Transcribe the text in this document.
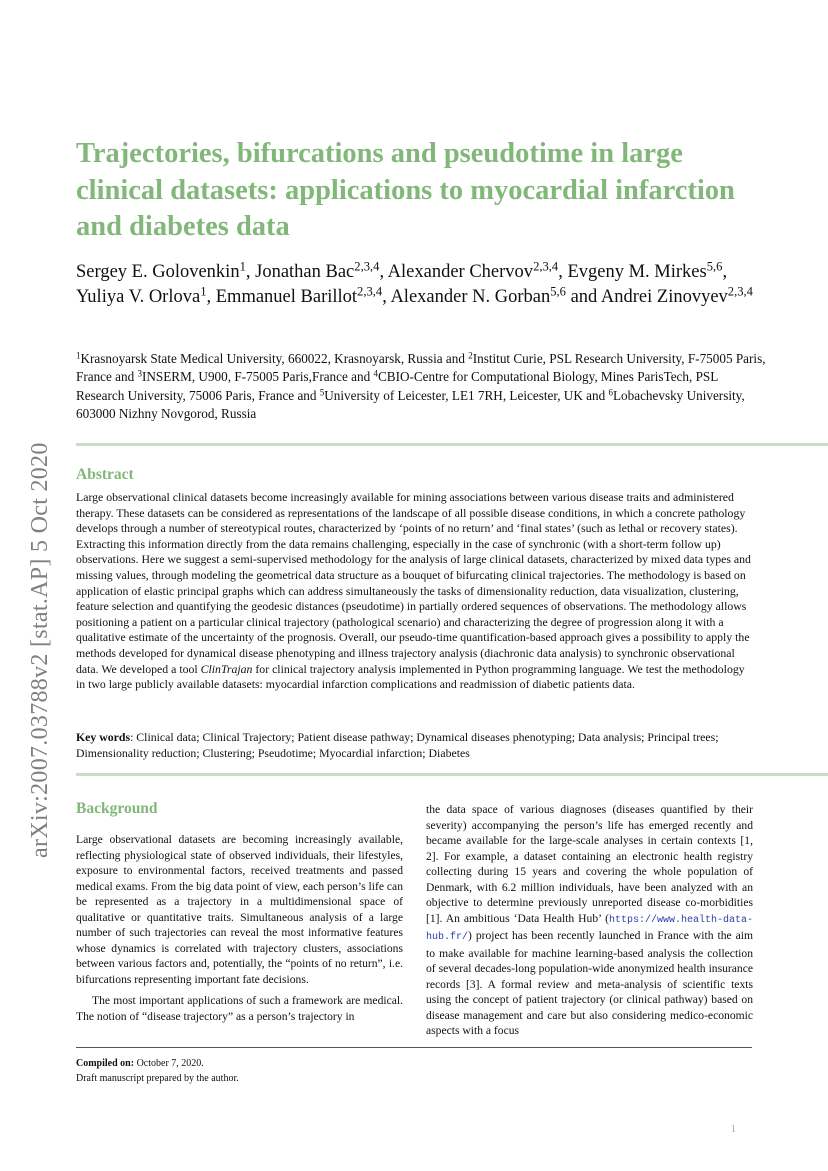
arXiv:2007.03788v2 [stat.AP] 5 Oct 2020
Trajectories, bifurcations and pseudotime in large clinical datasets: applications to myocardial infarction and diabetes data

Sergey E. Golovenkin$^1$, Jonathan Bac$^{2,3,4}$, Alexander Chervov$^{2,3,4}$, Evgeny M. Mirkes$^{5,6}$, Yuliya V. Orlova$^1$, Emmanuel Barillot$^{2,3,4}$, Alexander N. Gorban$^{5,6}$ and Andrei Zinovyev$^{2,3,4}$

$^1$Krasnoyarsk State Medical University, 660022, Krasnoyarsk, Russia and $^2$Institut Curie, PSL Research University, F-75005 Paris, France and $^3$INSERM, U900, F-75005 Paris,France and $^4$CBIO-Centre for Computational Biology, Mines ParisTech, PSL Research University, 75006 Paris, France and $^5$University of Leicester, LE1 7RH, Leicester, UK and $^6$Lobachevsky University, 603000 Nizhny Novgorod, Russia

Abstract

Large observational clinical datasets become increasingly available for mining associations between various disease traits and administered therapy. These datasets can be considered as representations of the landscape of all possible disease conditions, in which a concrete pathology develops through a number of stereotypical routes, characterized by ‘points of no return’ and ‘final states’ (such as lethal or recovery states). Extracting this information directly from the data remains challenging, especially in the case of synchronic (with a short-term follow up) observations. Here we suggest a semi-supervised methodology for the analysis of large clinical datasets, characterized by mixed data types and missing values, through modeling the geometrical data structure as a bouquet of bifurcating clinical trajectories. The methodology is based on application of elastic principal graphs which can address simultaneously the tasks of dimensionality reduction, data visualization, clustering, feature selection and quantifying the geodesic distances (pseudotime) in partially ordered sequences of observations. The methodology allows positioning a patient on a particular clinical trajectory (pathological scenario) and characterizing the degree of progression along it with a qualitative estimate of the uncertainty of the prognosis. Overall, our pseudo-time quantification-based approach gives a possibility to apply the methods developed for dynamical disease phenotyping and illness trajectory analysis (diachronic data analysis) to synchronic observational data. We developed a tool ClinTrajan for clinical trajectory analysis implemented in Python programming language. We test the methodology in two large publicly available datasets: myocardial infarction complications and readmission of diabetic patients data.

Key words: Clinical data; Clinical Trajectory; Patient disease pathway; Dynamical diseases phenotyping; Data analysis; Principal trees; Dimensionality reduction; Clustering; Pseudotime; Myocardial infarction; Diabetes

Background

Large observational datasets are becoming increasingly available, reflecting physiological state of observed individuals, their lifestyles, exposure to environmental factors, received treatments and passed medical exams. From the big data point of view, each person’s life can be represented as a trajectory in a multidimensional space of qualitative or quantitative traits. Simultaneous analysis of a large number of such trajectories can reveal the most informative features whose dynamics is correlated with trajectory clusters, associations between various factors and, potentially, the “points of no return”, i.e. bifurcations representing important fate decisions.

The most important applications of such a framework are medical. The notion of “disease trajectory” as a person’s trajectory in

the data space of various diagnoses (diseases quantified by their severity) accompanying the person’s life has emerged recently and became available for the large-scale analyses in certain contexts [1, 2]. For example, a dataset containing an electronic health registry collecting during 15 years and covering the whole population of Denmark, with 6.2 million individuals, have been analyzed with an objective to determine previously unreported disease co-morbidities [1]. An ambitious ‘Data Health Hub’ (https://www.health-data-hub.fr/) project has been recently launched in France with the aim to make available for machine learning-based analysis the collection of several decades-long population-wide anonymized health insurance records [3]. A formal review and meta-analysis of scientific texts using the concept of patient trajectory (or clinical pathway) based on disease management and care but also considering medico-economic aspects with a focus

Compiled on: October 7, 2020.
Draft manuscript prepared by the author.
1
